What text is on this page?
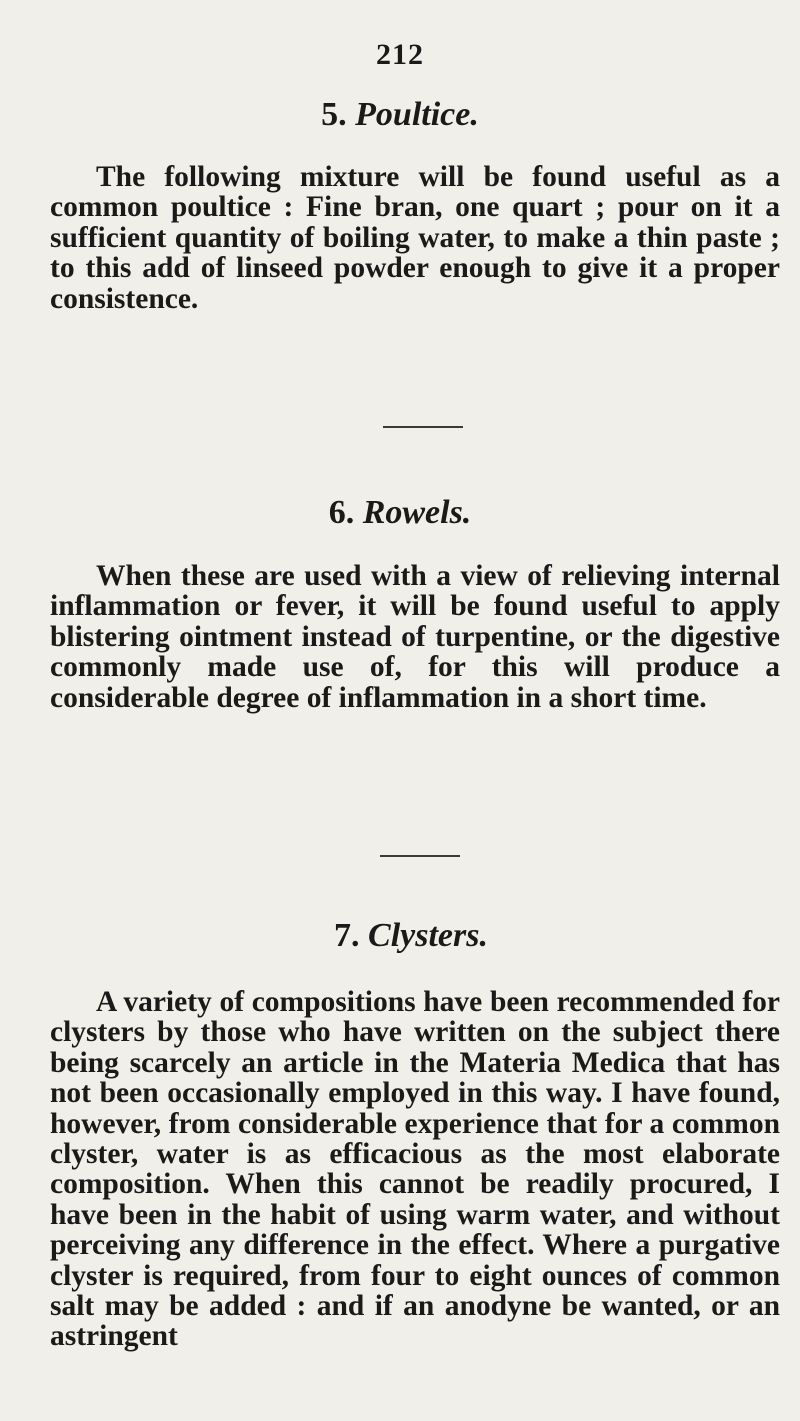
212
5. Poultice.
The following mixture will be found useful as a common poultice : Fine bran, one quart ; pour on it a sufficient quantity of boiling water, to make a thin paste ; to this add of linseed powder enough to give it a proper consistence.
6. Rowels.
When these are used with a view of relieving internal inflammation or fever, it will be found useful to apply blistering ointment instead of turpentine, or the digestive commonly made use of, for this will produce a considerable degree of inflammation in a short time.
7. Clysters.
A variety of compositions have been recommended for clysters by those who have written on the subject there being scarcely an article in the Materia Medica that has not been occasionally employed in this way. I have found, however, from considerable experience that for a common clyster, water is as efficacious as the most elaborate composition. When this cannot be readily procured, I have been in the habit of using warm water, and without perceiving any difference in the effect. Where a purgative clyster is required, from four to eight ounces of common salt may be added : and if an anodyne be wanted, or an astringent
